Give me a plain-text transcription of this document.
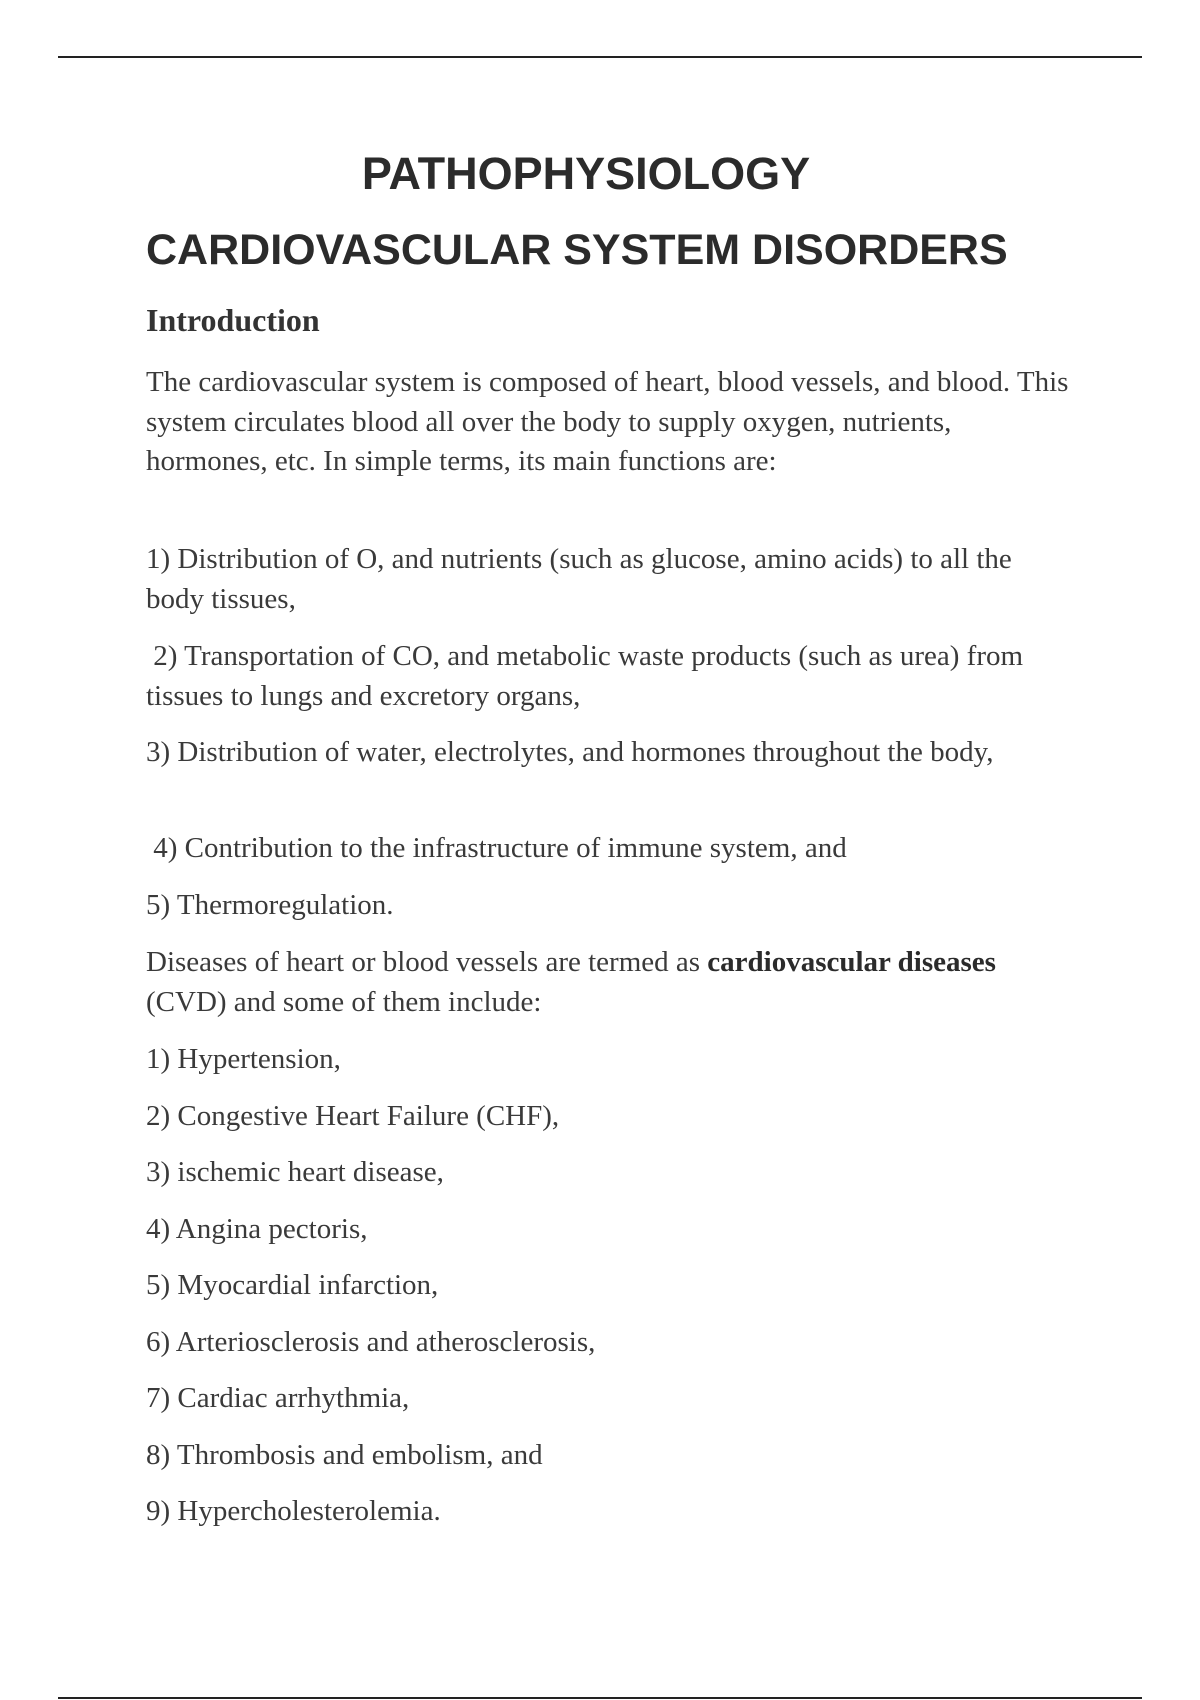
PATHOPHYSIOLOGY
CARDIOVASCULAR SYSTEM DISORDERS
Introduction

The cardiovascular system is composed of heart, blood vessels, and blood. This system circulates blood all over the body to supply oxygen, nutrients, hormones, etc. In simple terms, its main functions are:

1) Distribution of O, and nutrients (such as glucose, amino acids) to all the body tissues,

2) Transportation of CO, and metabolic waste products (such as urea) from tissues to lungs and excretory organs,

3) Distribution of water, electrolytes, and hormones throughout the body,

4) Contribution to the infrastructure of immune system, and

5) Thermoregulation.

Diseases of heart or blood vessels are termed as cardiovascular diseases (CVD) and some of them include:

1) Hypertension,

2) Congestive Heart Failure (CHF),

3) ischemic heart disease,

4) Angina pectoris,

5) Myocardial infarction,

6) Arteriosclerosis and atherosclerosis,

7) Cardiac arrhythmia,

8) Thrombosis and embolism, and

9) Hypercholesterolemia.
